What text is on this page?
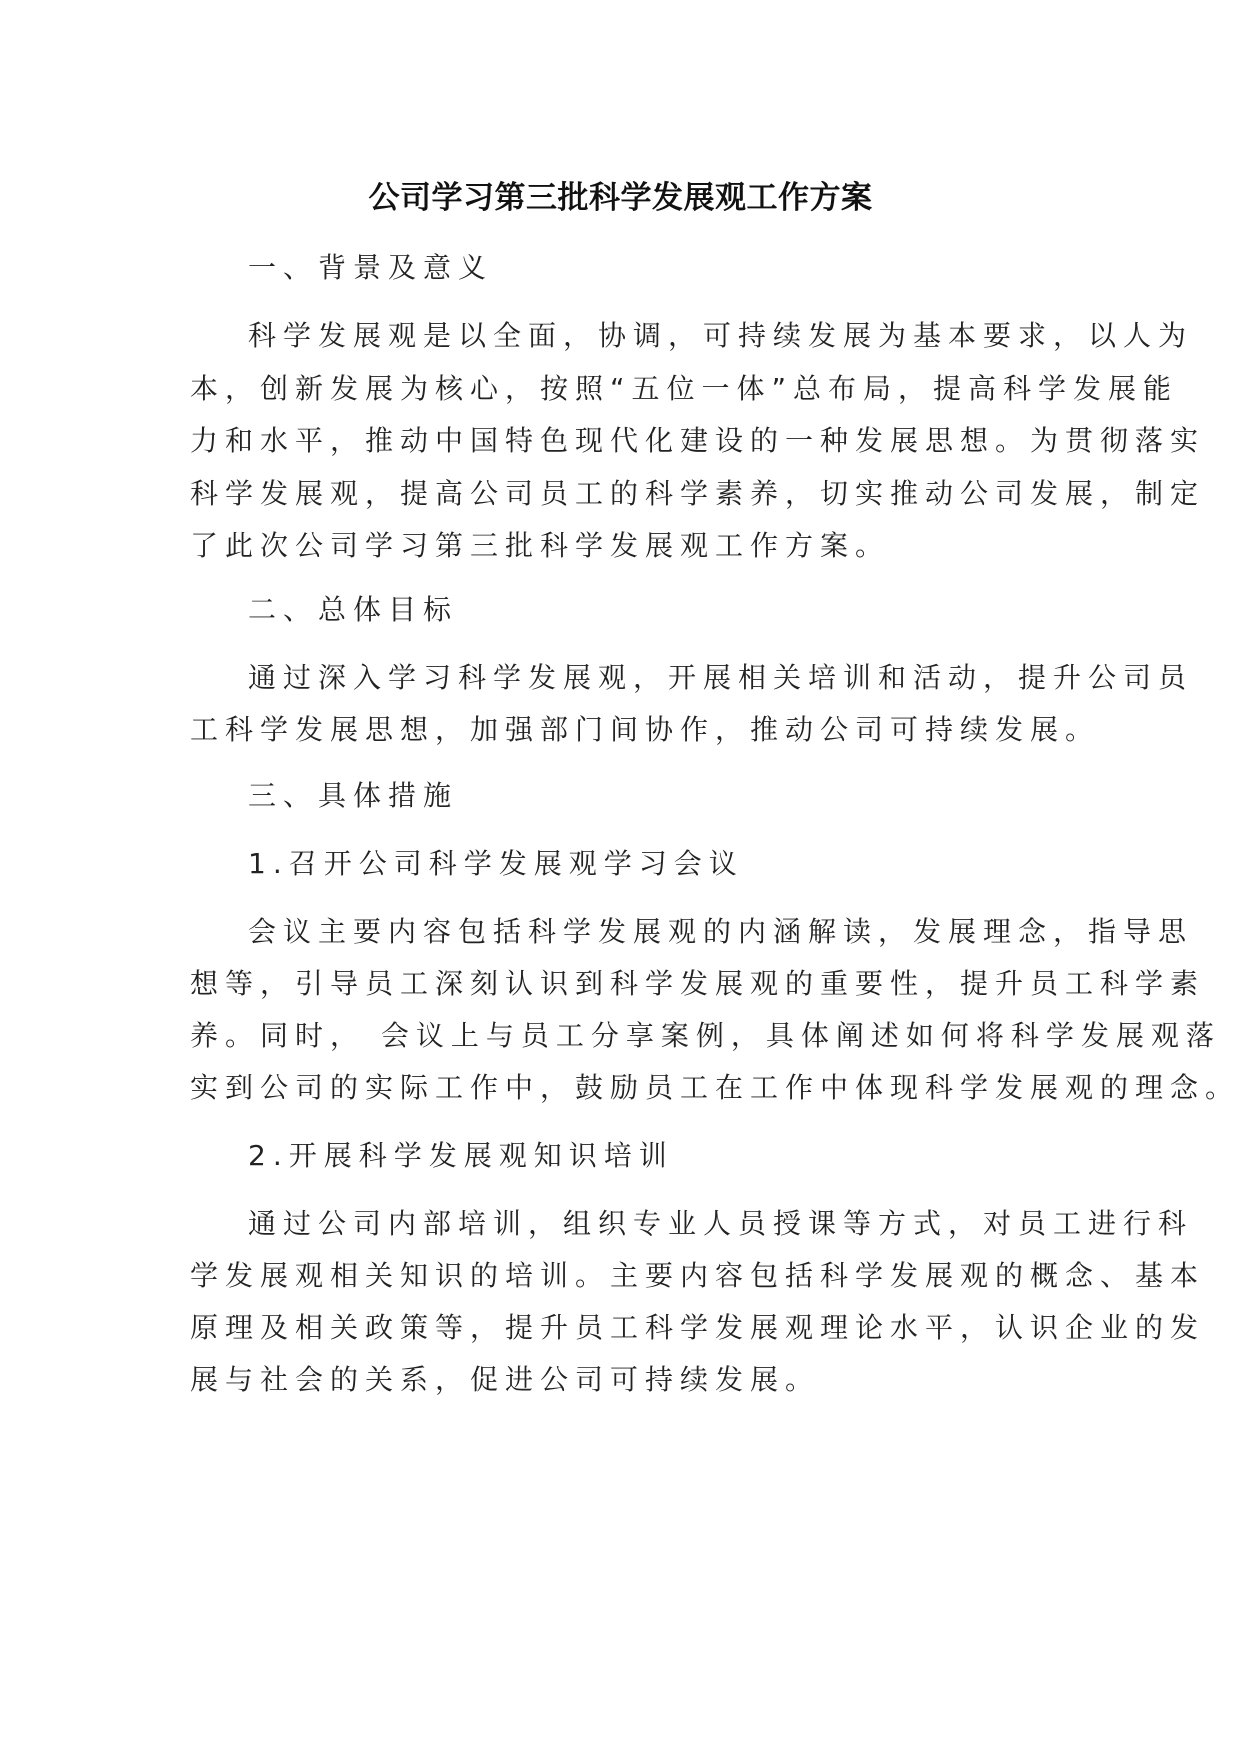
公司学习第三批科学发展观工作方案

一、背景及意义

科学发展观是以全面，协调，可持续发展为基本要求，以人为

本，创新发展为核心，按照“五位一体”总布局，提高科学发展能

力和水平，推动中国特色现代化建设的一种发展思想。为贯彻落实

科学发展观，提高公司员工的科学素养，切实推动公司发展，制定

了此次公司学习第三批科学发展观工作方案。

二、总体目标

通过深入学习科学发展观，开展相关培训和活动，提升公司员

工科学发展思想，加强部门间协作，推动公司可持续发展。

三、具体措施

1.召开公司科学发展观学习会议

会议主要内容包括科学发展观的内涵解读，发展理念，指导思

想等，引导员工深刻认识到科学发展观的重要性，提升员工科学素

养。同时， 会议上与员工分享案例，具体阐述如何将科学发展观落

实到公司的实际工作中，鼓励员工在工作中体现科学发展观的理念。

2.开展科学发展观知识培训

通过公司内部培训，组织专业人员授课等方式，对员工进行科

学发展观相关知识的培训。主要内容包括科学发展观的概念、基本

原理及相关政策等，提升员工科学发展观理论水平，认识企业的发

展与社会的关系，促进公司可持续发展。
